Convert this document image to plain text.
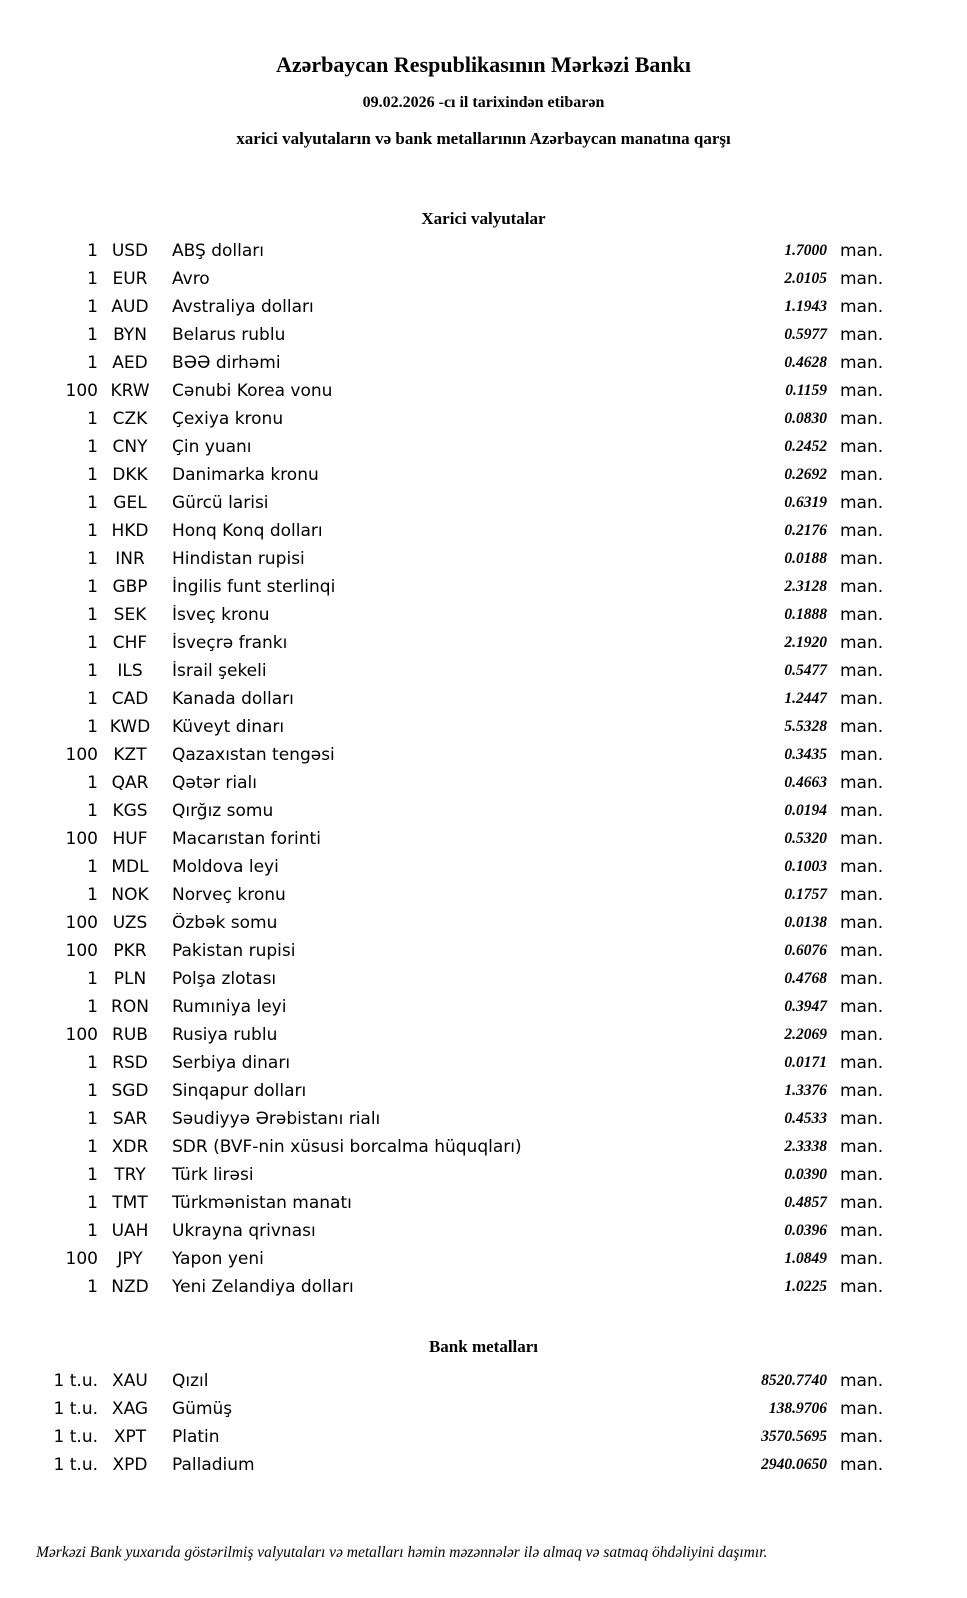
Azərbaycan Respublikasının Mərkəzi Bankı
09.02.2026 -cı il tarixindən etibarən
xarici valyutaların və bank metallarının Azərbaycan manatına qarşı
Xarici valyutalar
1 USD	ABŞ dolları	1.7000 man.
1 EUR	Avro	2.0105 man.
1 AUD	Avstraliya dolları	1.1943 man.
1 BYN	Belarus rublu	0.5977 man.
1 AED	BƏƏ dirhəmi	0.4628 man.
100 KRW	Cənubi Korea vonu	0.1159 man.
1 CZK	Çexiya kronu	0.0830 man.
1 CNY	Çin yuanı	0.2452 man.
1 DKK	Danimarka kronu	0.2692 man.
1 GEL	Gürcü larisi	0.6319 man.
1 HKD	Honq Konq dolları	0.2176 man.
1	INR	Hindistan rupisi	0.0188 man.
1 GBP	İngilis funt sterlinqi	2.3128 man.
1 SEK	İsveç kronu	0.1888 man.
1 CHF	İsveçrə frankı	2.1920 man.
1	ILS	İsrail şekeli	0.5477 man.
1 CAD	Kanada dolları	1.2447 man.
1 KWD	Küveyt dinarı	5.5328 man.
100 KZT	Qazaxıstan tengəsi	0.3435 man.
1 QAR	Qətər rialı	0.4663 man.
1 KGS	Qırğız somu	0.0194 man.
100 HUF	Macarıstan forinti	0.5320 man.
1 MDL	Moldova leyi	0.1003 man.
1 NOK	Norveç kronu	0.1757 man.
100 UZS	Özbək somu	0.0138 man.
100 PKR	Pakistan rupisi	0.6076 man.
1 PLN	Polşa zlotası	0.4768 man.
1 RON	Rumıniya leyi	0.3947 man.
100 RUB	Rusiya rublu	2.2069 man.
1 RSD	Serbiya dinarı	0.0171 man.
1 SGD	Sinqapur dolları	1.3376 man.
1 SAR	Səudiyyə Ərəbistanı rialı	0.4533 man.
1 XDR	SDR (BVF-nin xüsusi borcalma hüquqları)	2.3338 man.
1 TRY	Türk lirəsi	0.0390 man.
1 TMT	Türkmənistan manatı	0.4857 man.
1 UAH	Ukrayna qrivnası	0.0396 man.
100	JPY	Yapon yeni	1.0849 man.
1 NZD	Yeni Zelandiya dolları	1.0225 man.
Bank metalları
1 t.u. XAU	Qızıl	8520.7740 man.
1 t.u. XAG	Gümüş	138.9706 man.
1 t.u. XPT	Platin	3570.5695 man.
1 t.u. XPD	Palladium	2940.0650 man.
Mərkəzi Bank yuxarıda göstərilmiş valyutaları və metalları həmin məzənnələr ilə almaq və satmaq öhdəliyini daşımır.
